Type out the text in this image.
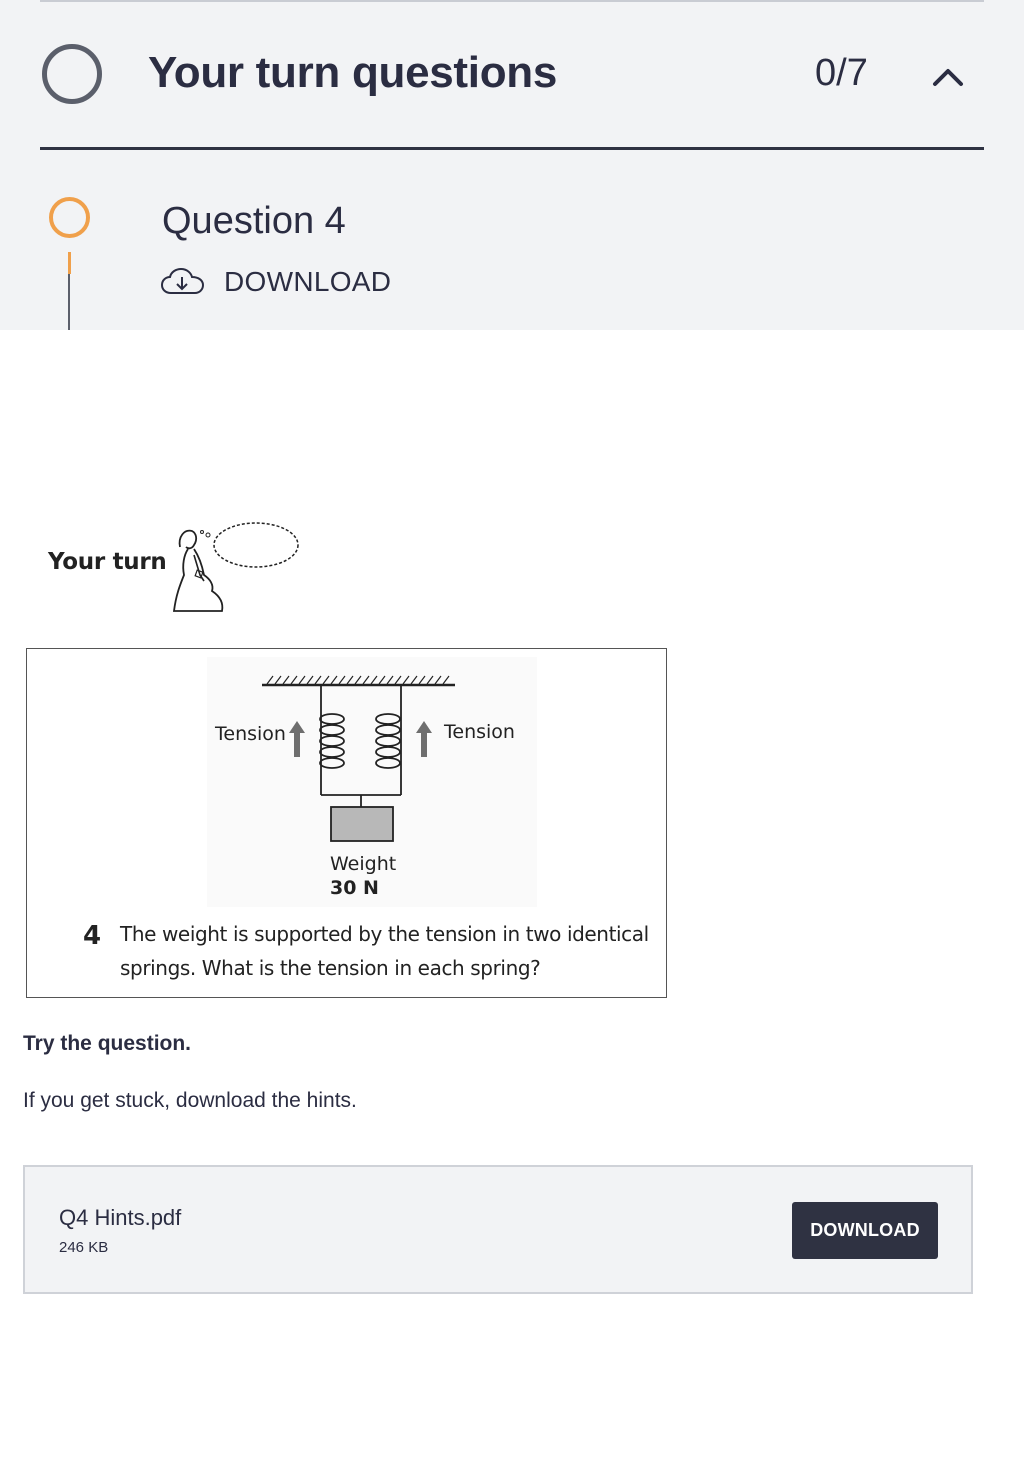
Your turn questions	0/7
Question 4
DOWNLOAD
Your turn
Tension	Tension
Weight
30 N
4 The weight is supported by the tension in two identical springs. What is the tension in each spring?
Try the question.
If you get stuck, download the hints.
Q4 Hints.pdf
246 KB
DOWNLOAD
